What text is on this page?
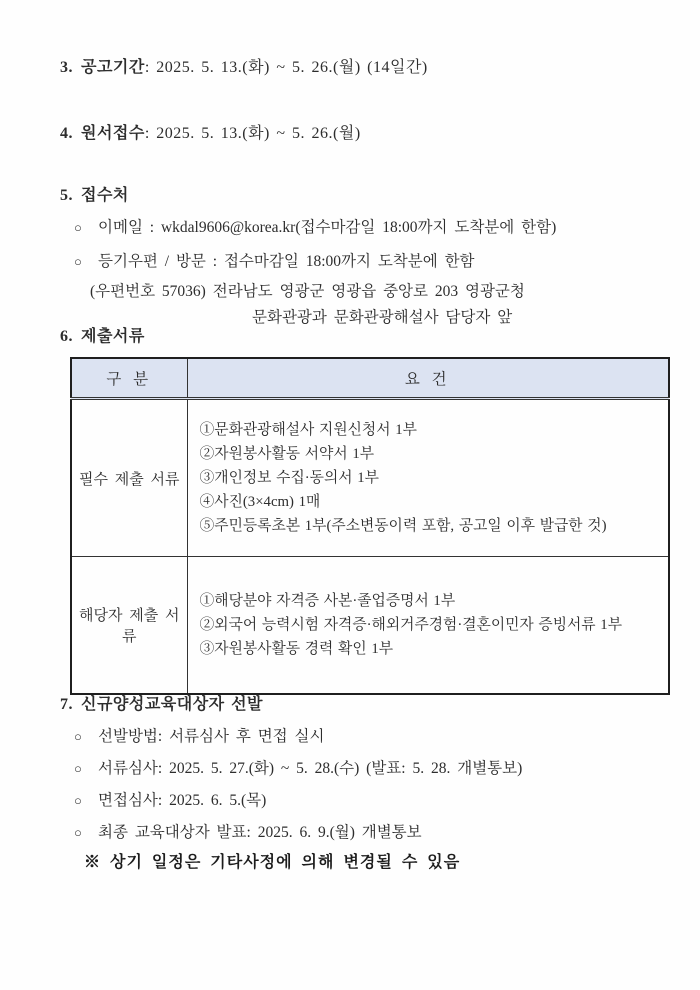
3. 공고기간: 2025. 5. 13.(화) ~ 5. 26.(월) (14일간)
4. 원서접수: 2025. 5. 13.(화) ~ 5. 26.(월)
5. 접수처
○	이메일 : wkdal9606@korea.kr(접수마감일 18:00까지 도착분에 한함)
○	등기우편 / 방문 : 접수마감일 18:00까지 도착분에 한함
(우편번호 57036) 전라남도 영광군 영광읍 중앙로 203 영광군청
문화관광과 문화관광해설사 담당자 앞
6. 제출서류
구 분	요 건
필수 제출 서류	①문화관광해설사 지원신청서 1부
②자원봉사활동 서약서 1부
③개인정보 수집·동의서 1부
④사진(3×4cm) 1매
⑤주민등록초본 1부(주소변동이력 포함, 공고일 이후 발급한 것)

해당자 제출 서류	①해당분야 자격증 사본·졸업증명서 1부
②외국어 능력시험 자격증·해외거주경험·결혼이민자 증빙서류 1부
③자원봉사활동 경력 확인 1부
7. 신규양성교육대상자 선발
○	선발방법: 서류심사 후 면접 실시
○	서류심사: 2025. 5. 27.(화) ~ 5. 28.(수) (발표: 5. 28. 개별통보)
○	면접심사: 2025. 6. 5.(목)
○	최종 교육대상자 발표: 2025. 6. 9.(월) 개별통보
※ 상기 일정은 기타사정에 의해 변경될 수 있음
